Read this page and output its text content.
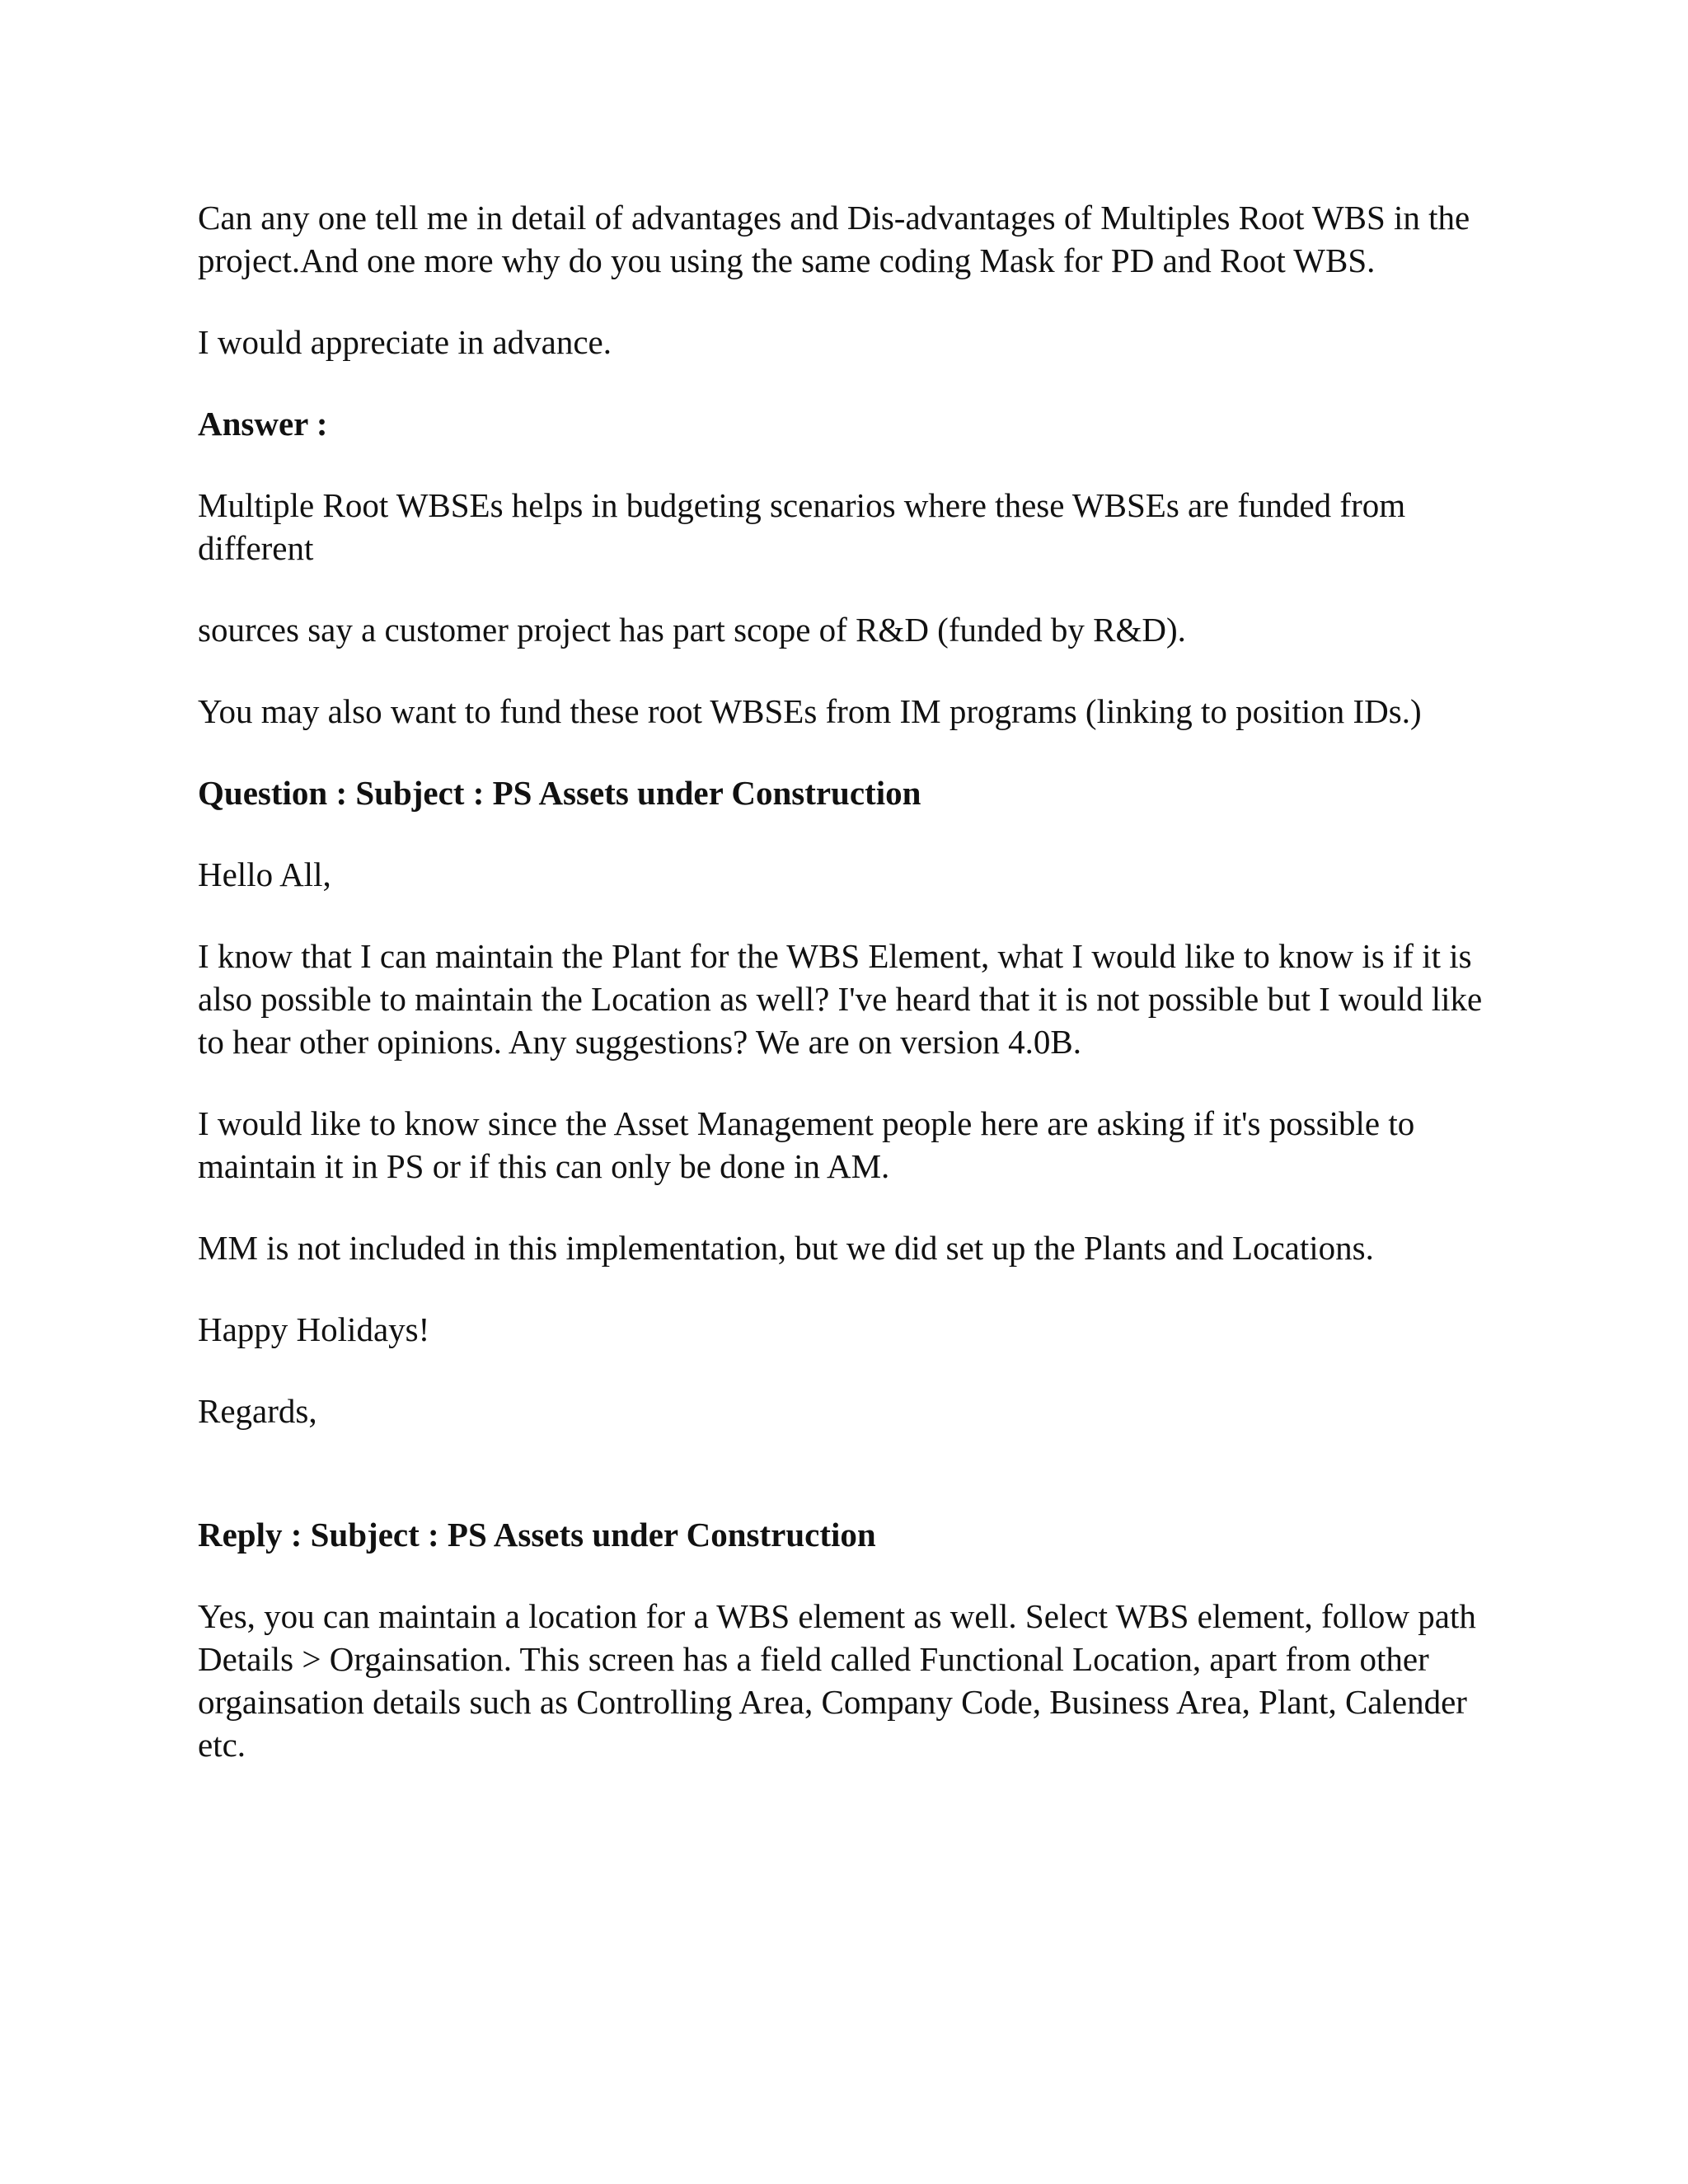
Can any one tell me in detail of advantages and Dis-advantages of Multiples Root WBS in the project.And one more why do you using the same coding Mask for PD and Root WBS.

I would appreciate in advance.

Answer :

Multiple Root WBSEs helps in budgeting scenarios where these WBSEs are funded from different

sources say a customer project has part scope of R&D (funded by R&D).

You may also want to fund these root WBSEs from IM programs (linking to position IDs.)

Question : Subject : PS Assets under Construction

Hello All,

I know that I can maintain the Plant for the WBS Element, what I would like to know is if it is also possible to maintain the Location as well? I've heard that it is not possible but I would like to hear other opinions. Any suggestions? We are on version 4.0B.

I would like to know since the Asset Management people here are asking if it's possible to maintain it in PS or if this can only be done in AM.

MM is not included in this implementation, but we did set up the Plants and Locations.

Happy Holidays!

Regards,

Reply : Subject : PS Assets under Construction

Yes, you can maintain a location for a WBS element as well. Select WBS element, follow path Details > Orgainsation. This screen has a field called Functional Location, apart from other orgainsation details such as Controlling Area, Company Code, Business Area, Plant, Calender etc.
